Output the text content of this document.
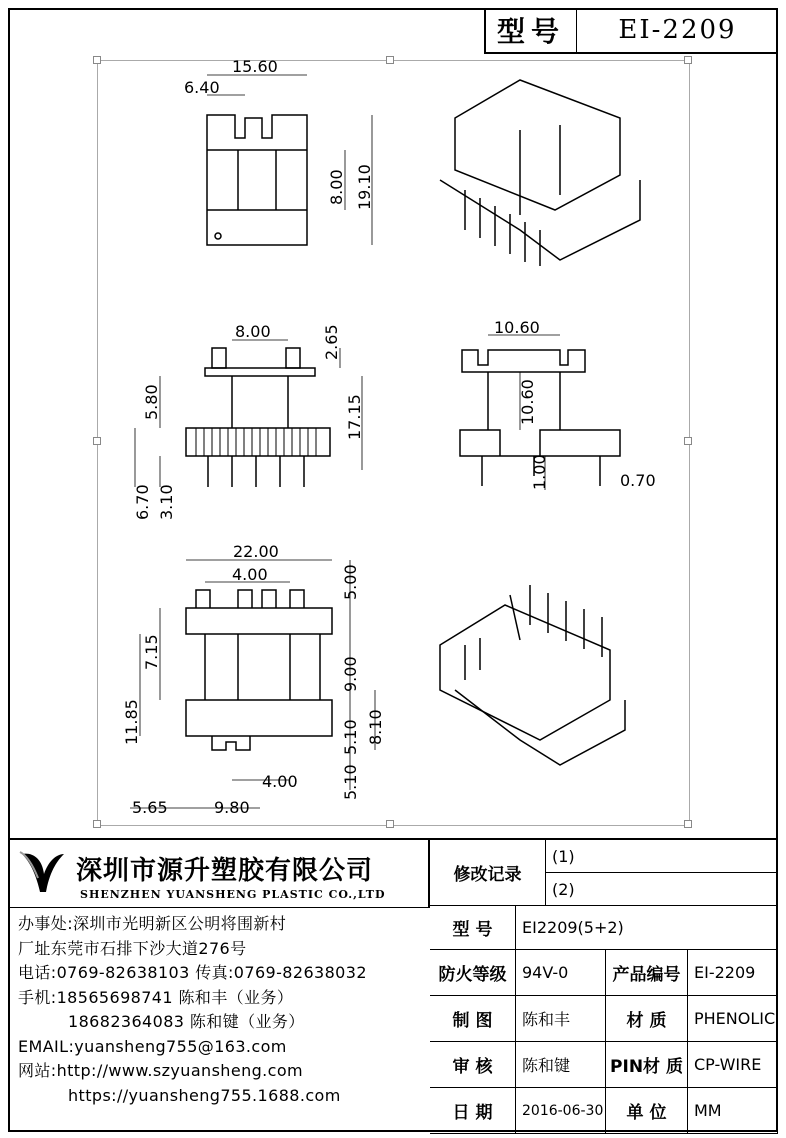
型号	EI-2209
15.60
6.40
8.00 19.10
8.00	2.65
17.15
5.80
6.70 3.10
10.60
10.60
1.00	0.70
22.00
4.00	5.00
7.15
9.00
11.85	5.10 8.10
4.00	5.10
5.65	9.80
深圳市源升塑胶有限公司
SHENZHEN YUANSHENG PLASTIC CO.,LTD
办事处:深圳市光明新区公明将围新村
厂址东莞市石排下沙大道276号
电话:0769-82638103 传真:0769-82638032
手机:18565698741 陈和丰（业务）
18682364083 陈和键（业务）
EMAIL:yuansheng755@163.com
网站:http://www.szyuansheng.com
https://yuansheng755.1688.com
修改记录
(1)
(2)
型 号	EI2209(5+2)
防火等级 94V-0	产品编号 EI-2209
制 图	陈和丰	材 质	PHENOLIC
审 核	陈和键	PIN材 质 CP-WIRE
日 期	2016-06-30	单 位	MM
